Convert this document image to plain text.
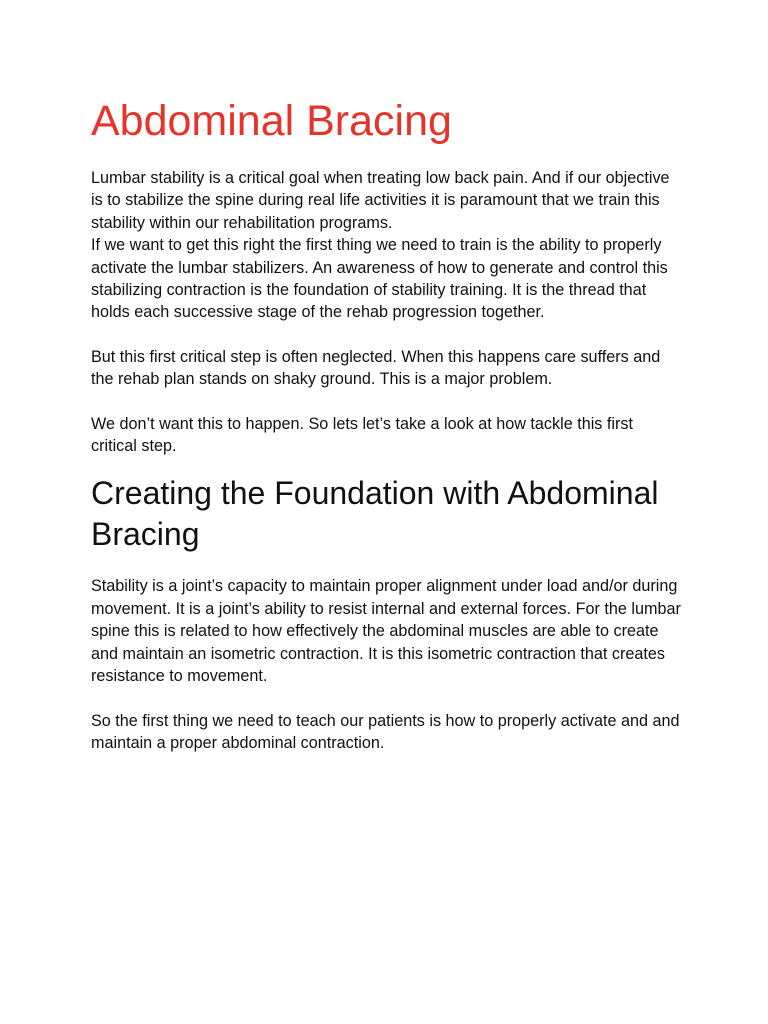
Abdominal Bracing

Lumbar stability is a critical goal when treating low back pain. And if our objective is to stabilize the spine during real life activities it is paramount that we train this stability within our rehabilitation programs.

If we want to get this right the first thing we need to train is the ability to properly activate the lumbar stabilizers. An awareness of how to generate and control this stabilizing contraction is the foundation of stability training. It is the thread that holds each successive stage of the rehab progression together.

But this first critical step is often neglected. When this happens care suffers and the rehab plan stands on shaky ground. This is a major problem.

We don’t want this to happen. So lets let’s take a look at how tackle this first critical step.

Creating the Foundation with Abdominal Bracing

Stability is a joint’s capacity to maintain proper alignment under load and/or during movement. It is a joint’s ability to resist internal and external forces. For the lumbar spine this is related to how effectively the abdominal muscles are able to create and maintain an isometric contraction. It is this isometric contraction that creates resistance to movement.

So the first thing we need to teach our patients is how to properly activate and and maintain a proper abdominal contraction.
